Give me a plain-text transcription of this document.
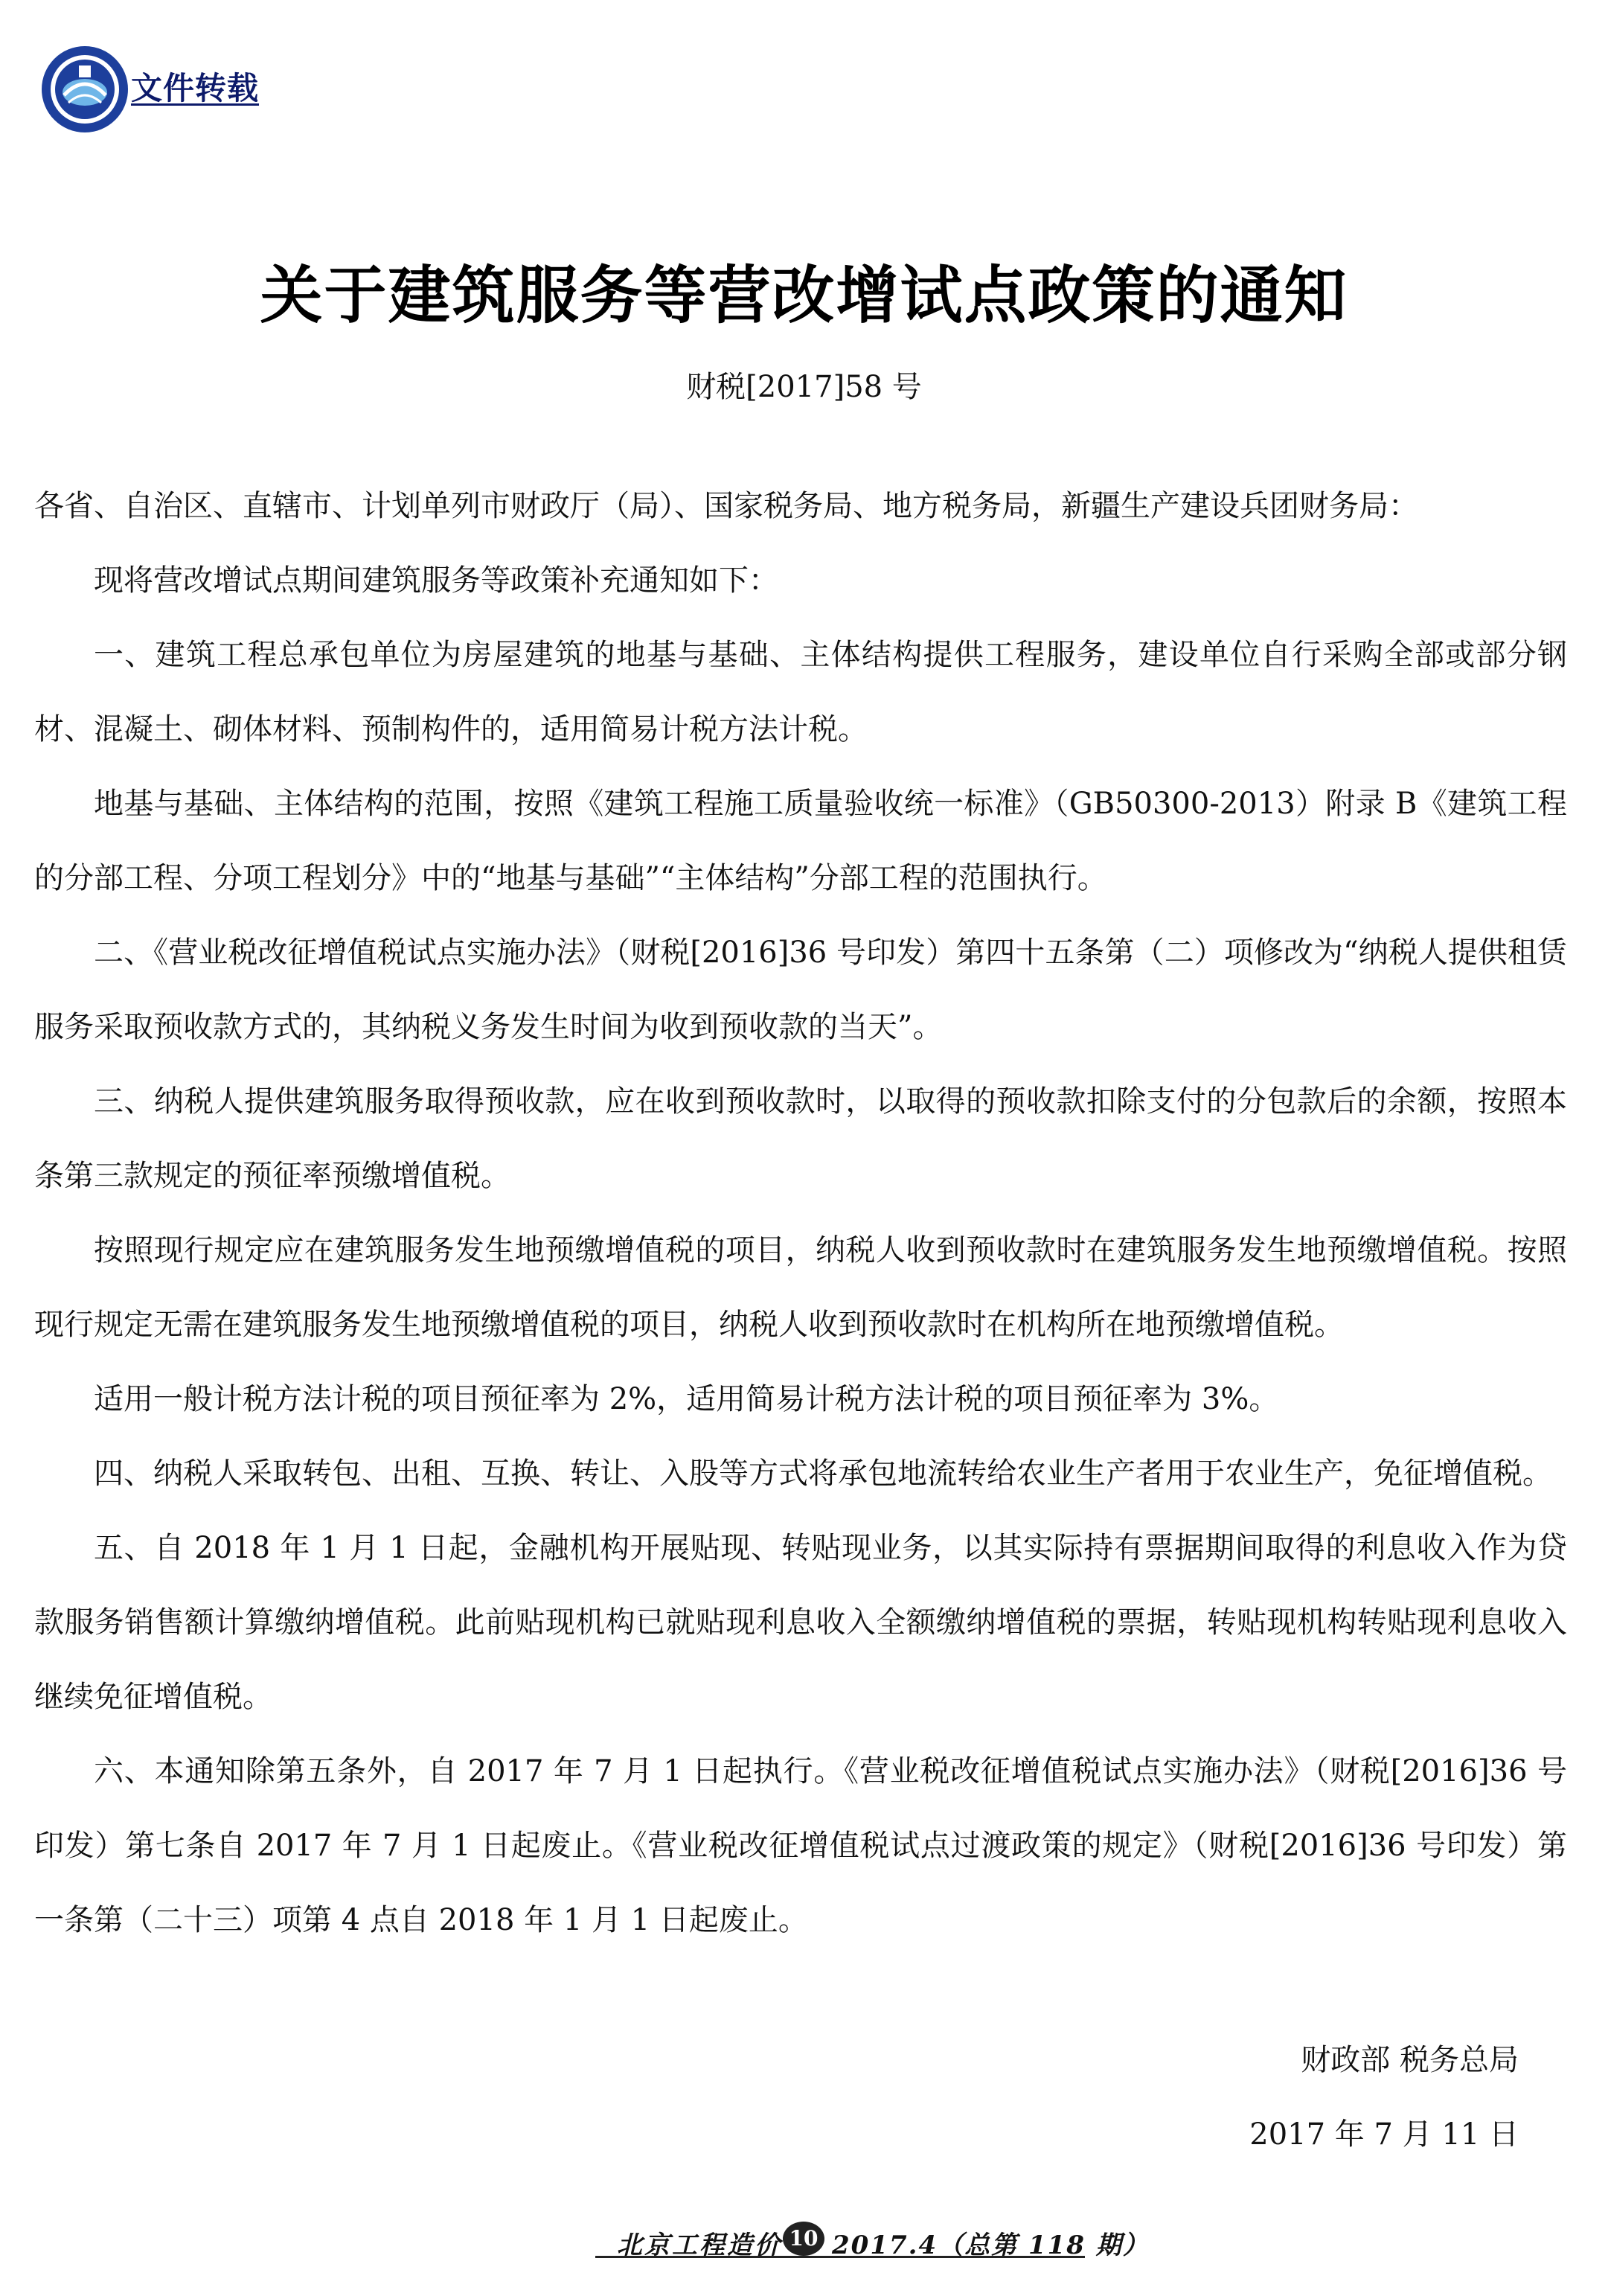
文件转载
关于建筑服务等营改增试点政策的通知
财税[2017]58 号

各省、自治区、直辖市、计划单列市财政厅（局）、国家税务局、地方税务局，新疆生产建设兵团财务局：

现将营改增试点期间建筑服务等政策补充通知如下：

一、建筑工程总承包单位为房屋建筑的地基与基础、主体结构提供工程服务，建设单位自行采购全部或部分钢材、混凝土、砌体材料、预制构件的，适用简易计税方法计税。

地基与基础、主体结构的范围，按照《建筑工程施工质量验收统一标准》（GB50300-2013）附录 B《建筑工程的分部工程、分项工程划分》中的“地基与基础”“主体结构”分部工程的范围执行。

二、《营业税改征增值税试点实施办法》（财税[2016]36 号印发）第四十五条第（二）项修改为“纳税人提供租赁服务采取预收款方式的，其纳税义务发生时间为收到预收款的当天”。

三、纳税人提供建筑服务取得预收款，应在收到预收款时，以取得的预收款扣除支付的分包款后的余额，按照本条第三款规定的预征率预缴增值税。

按照现行规定应在建筑服务发生地预缴增值税的项目，纳税人收到预收款时在建筑服务发生地预缴增值税。按照现行规定无需在建筑服务发生地预缴增值税的项目，纳税人收到预收款时在机构所在地预缴增值税。

适用一般计税方法计税的项目预征率为 2%，适用简易计税方法计税的项目预征率为 3%。

四、纳税人采取转包、出租、互换、转让、入股等方式将承包地流转给农业生产者用于农业生产，免征增值税。

五、自 2018 年 1 月 1 日起，金融机构开展贴现、转贴现业务，以其实际持有票据期间取得的利息收入作为贷款服务销售额计算缴纳增值税。此前贴现机构已就贴现利息收入全额缴纳增值税的票据，转贴现机构转贴现利息收入继续免征增值税。

六、本通知除第五条外，自 2017 年 7 月 1 日起执行。《营业税改征增值税试点实施办法》（财税[2016]36 号印发）第七条自 2017 年 7 月 1 日起废止。《营业税改征增值税试点过渡政策的规定》（财税[2016]36 号印发）第一条第（二十三）项第 4 点自 2018 年 1 月 1 日起废止。

财政部 税务总局
2017 年 7 月 11 日
北京工程造价 10 2017.4（总第 118 期）
